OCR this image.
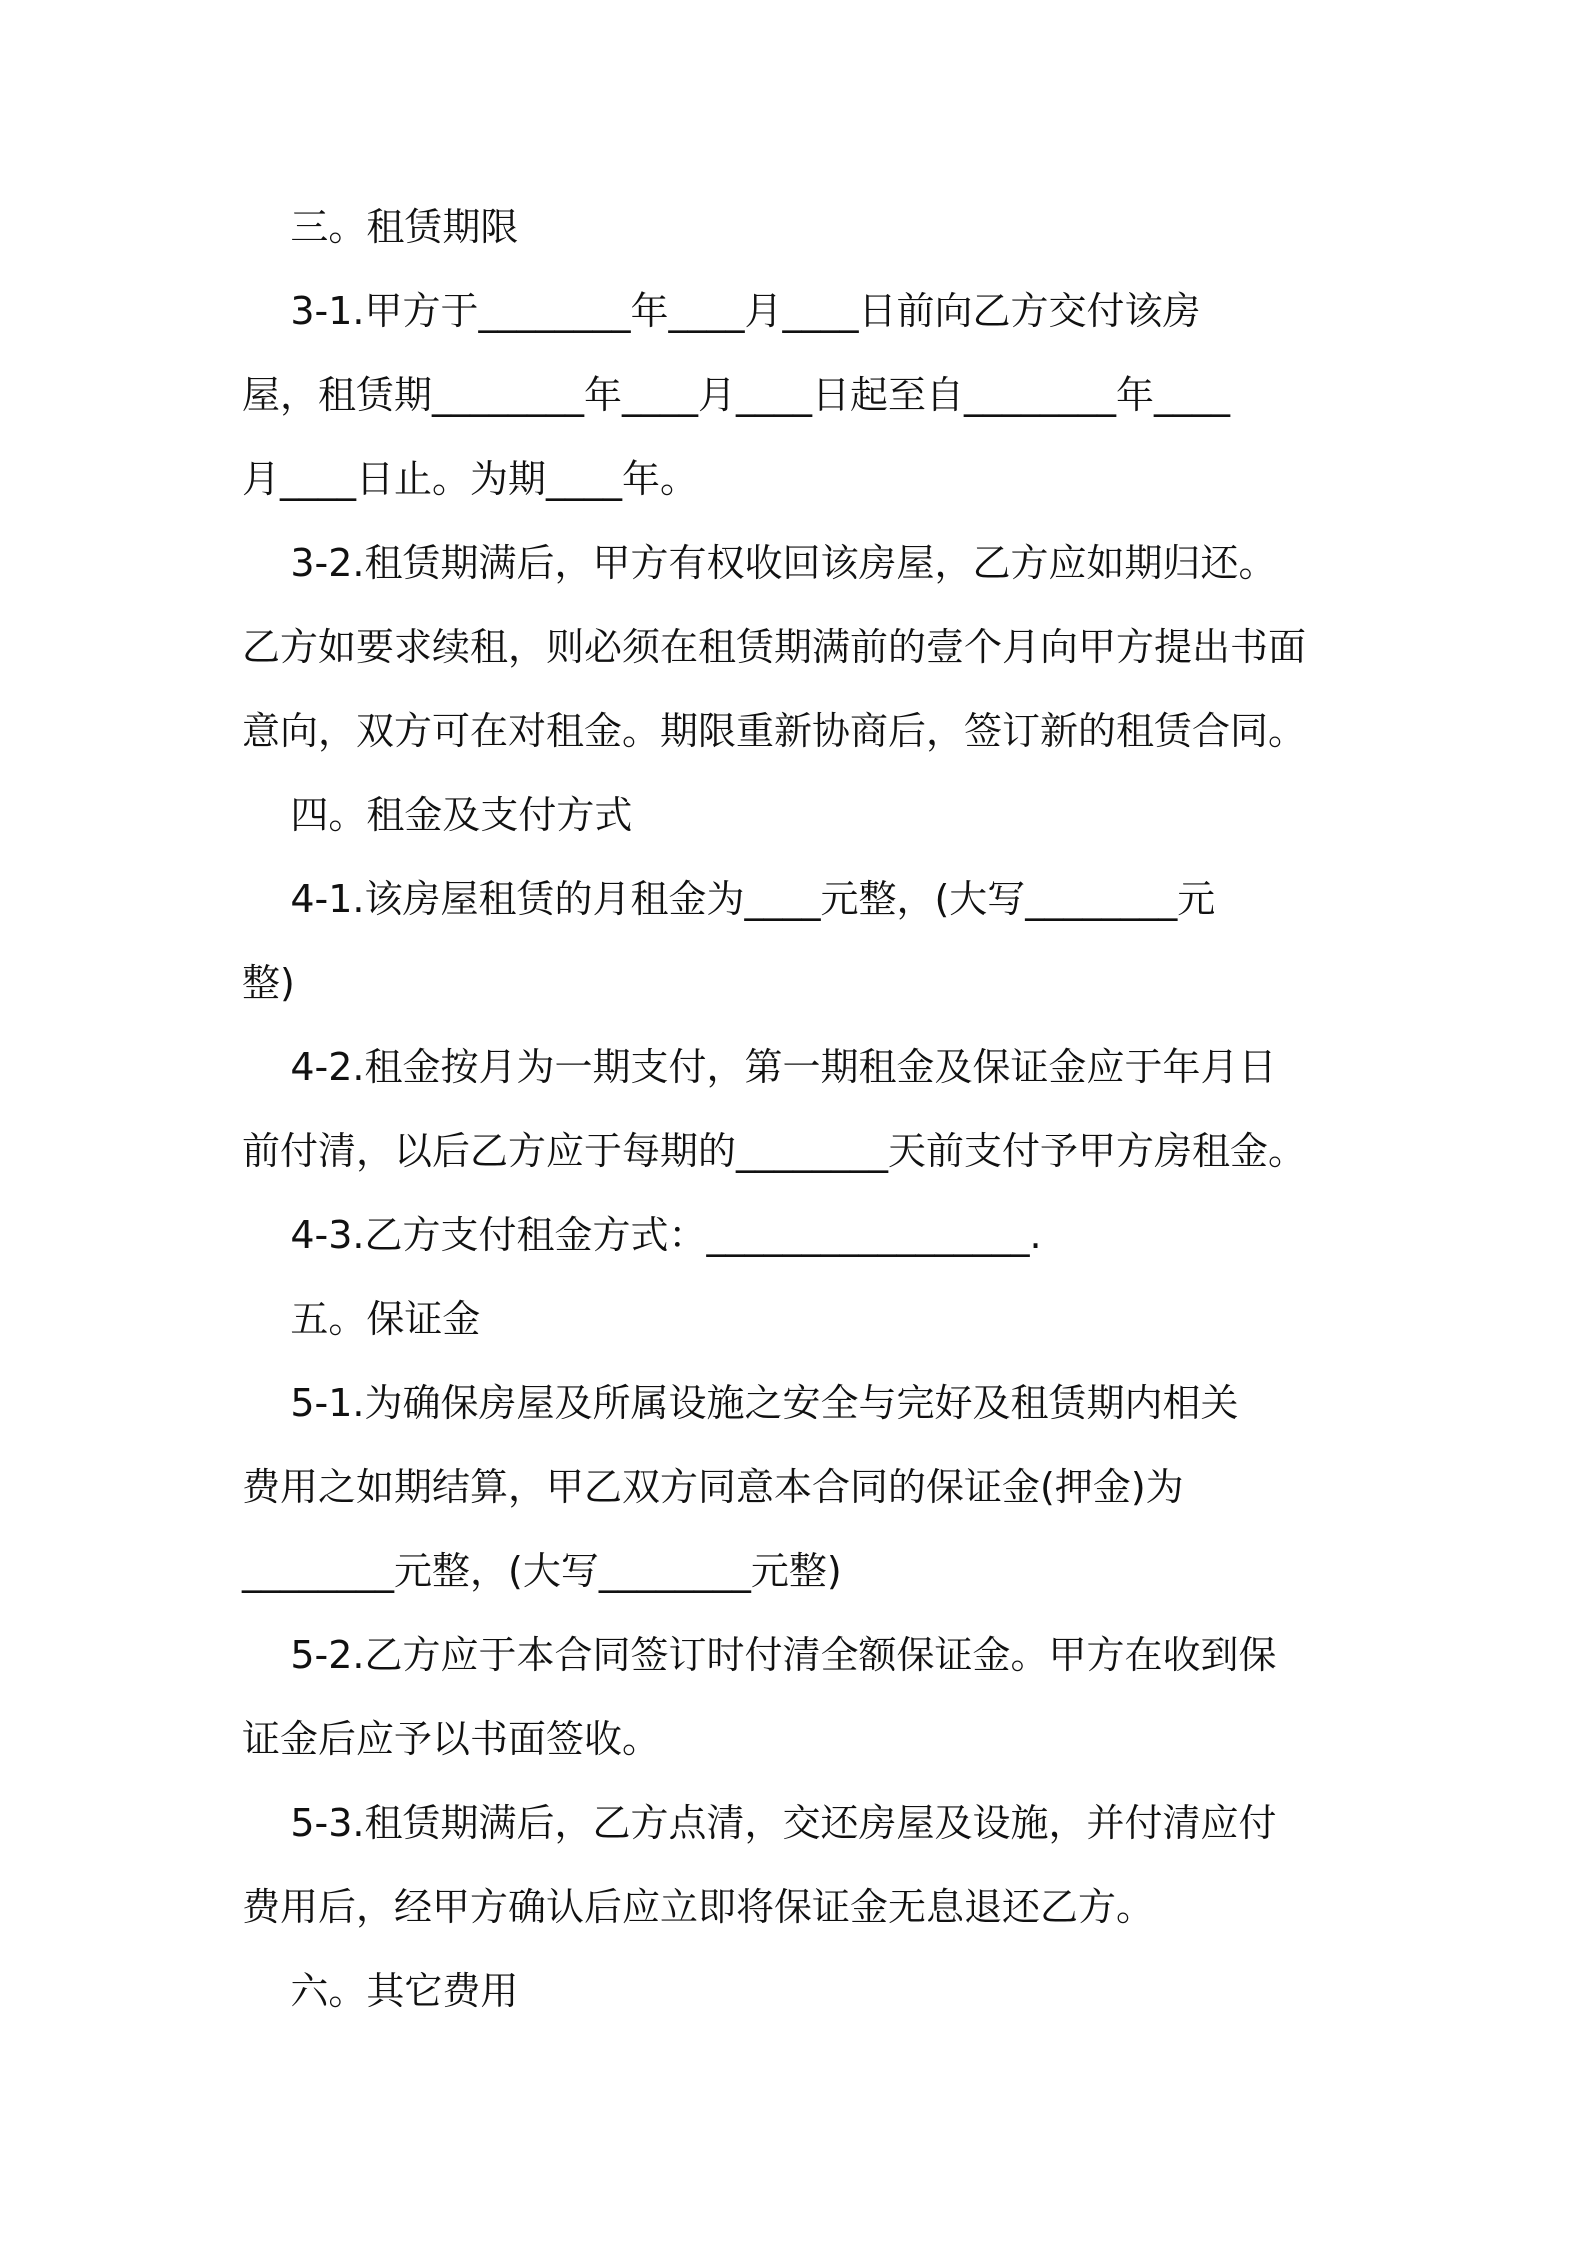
三。租赁期限
3-1.甲方于________年____月____日前向乙方交付该房
屋，租赁期________年____月____日起至自________年____
月____日止。为期____年。
3-2.租赁期满后，甲方有权收回该房屋，乙方应如期归还。
乙方如要求续租，则必须在租赁期满前的壹个月向甲方提出书面
意向，双方可在对租金。期限重新协商后，签订新的租赁合同。
四。租金及支付方式
4-1.该房屋租赁的月租金为____元整，(大写________元
整)
4-2.租金按月为一期支付，第一期租金及保证金应于年月日
前付清，以后乙方应于每期的________天前支付予甲方房租金。
4-3.乙方支付租金方式：_________________.
五。保证金
5-1.为确保房屋及所属设施之安全与完好及租赁期内相关
费用之如期结算，甲乙双方同意本合同的保证金(押金)为
________元整，(大写________元整)
5-2.乙方应于本合同签订时付清全额保证金。甲方在收到保
证金后应予以书面签收。
5-3.租赁期满后，乙方点清，交还房屋及设施，并付清应付
费用后，经甲方确认后应立即将保证金无息退还乙方。
六。其它费用
